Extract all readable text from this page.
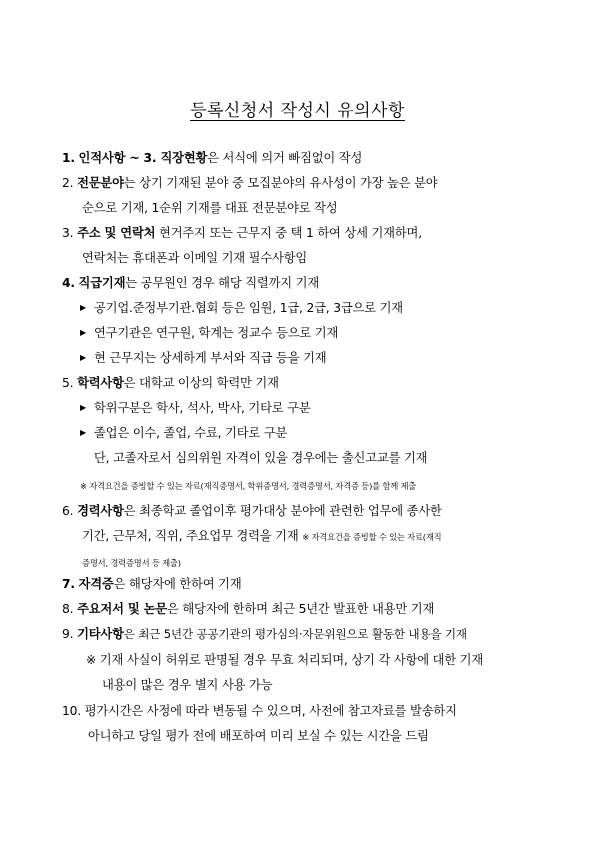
등록신청서 작성시 유의사항
1. 인적사항 ~ 3. 직장현황은 서식에 의거 빠짐없이 작성
2. 전문분야는 상기 기재된 분야 중 모집분야의 유사성이 가장 높은 분야
순으로 기재, 1순위 기재를 대표 전문분야로 작성
3. 주소 및 연락처 현거주지 또는 근무지 중 택 1 하여 상세 기재하며,
연락처는 휴대폰과 이메일 기재 필수사항임
4. 직급기재는 공무원인 경우 해당 직렬까지 기재
▶ 공기업.준정부기관.협회 등은 임원, 1급, 2급, 3급으로 기재
▶ 연구기관은 연구원, 학계는 정교수 등으로 기재
▶ 현 근무지는 상세하게 부서와 직급 등을 기재
5. 학력사항은 대학교 이상의 학력만 기재
▶ 학위구분은 학사, 석사, 박사, 기타로 구분
▶ 졸업은 이수, 졸업, 수료, 기타로 구분
단, 고졸자로서 심의위원 자격이 있을 경우에는 출신고교를 기재
※ 자격요건을 증빙할 수 있는 자료(재직증명서, 학위증명서, 경력증명서, 자격증 등)를 함께 제출
6. 경력사항은 최종학교 졸업이후 평가대상 분야에 관련한 업무에 종사한
기간, 근무처, 직위, 주요업무 경력을 기재 ※ 자격요건을 증빙할 수 있는 자료(재직
증명서, 경력증명서 등 제출)
7. 자격증은 해당자에 한하여 기재
8. 주요저서 및 논문은 해당자에 한하며 최근 5년간 발표한 내용만 기재
9. 기타사항은 최근 5년간 공공기관의 평가심의·자문위원으로 활동한 내용을 기재
※ 기재 사실이 허위로 판명될 경우 무효 처리되며, 상기 각 사항에 대한 기재
내용이 많은 경우 별지 사용 가능
10. 평가시간은 사정에 따라 변동될 수 있으며, 사전에 참고자료를 발송하지
아니하고 당일 평가 전에 배포하여 미리 보실 수 있는 시간을 드림
